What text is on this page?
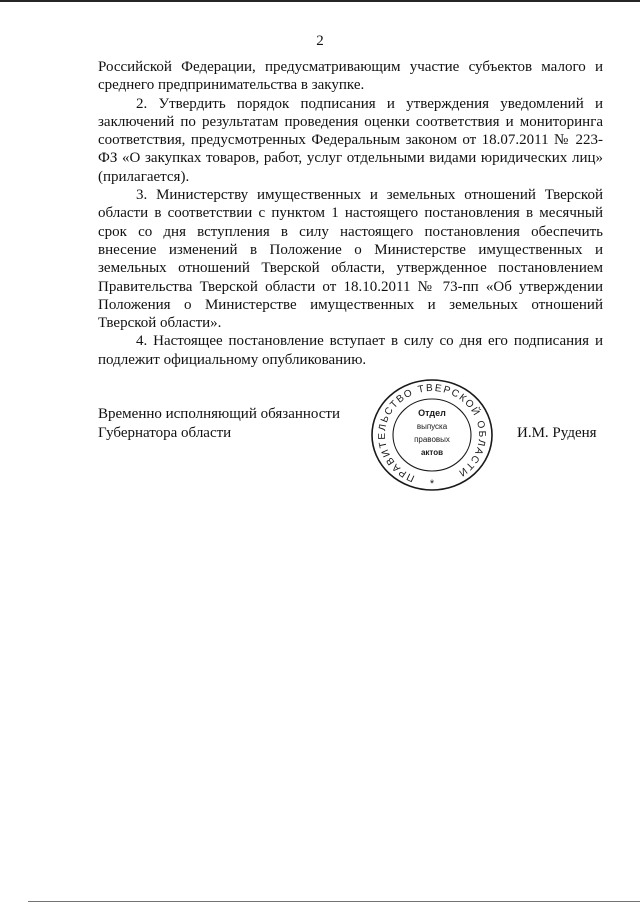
2

Российской Федерации, предусматривающим участие субъектов малого и среднего предпринимательства в закупке.

2. Утвердить порядок подписания и утверждения уведомлений и заключений по результатам проведения оценки соответствия и мониторинга соответствия, предусмотренных Федеральным законом от 18.07.2011 № 223-ФЗ «О закупках товаров, работ, услуг отдельными видами юридических лиц» (прилагается).

3. Министерству имущественных и земельных отношений Тверской области в соответствии с пунктом 1 настоящего постановления в месячный срок со дня вступления в силу настоящего постановления обеспечить внесение изменений в Положение о Министерстве имущественных и земельных отношений Тверской области, утвержденное постановлением Правительства Тверской области от 18.10.2011 № 73-пп «Об утверждении Положения о Министерстве имущественных и земельных отношений Тверской области».

4. Настоящее постановление вступает в силу со дня его подписания и подлежит официальному опубликованию.

Временно исполняющий обязанности
Губернатора области
ПРАВИТЕЛЬСТВО ТВЕРСКОЙ ОБЛАСТИ
Отдел
выпуска
правовых
актов
*
И.М. Руденя
